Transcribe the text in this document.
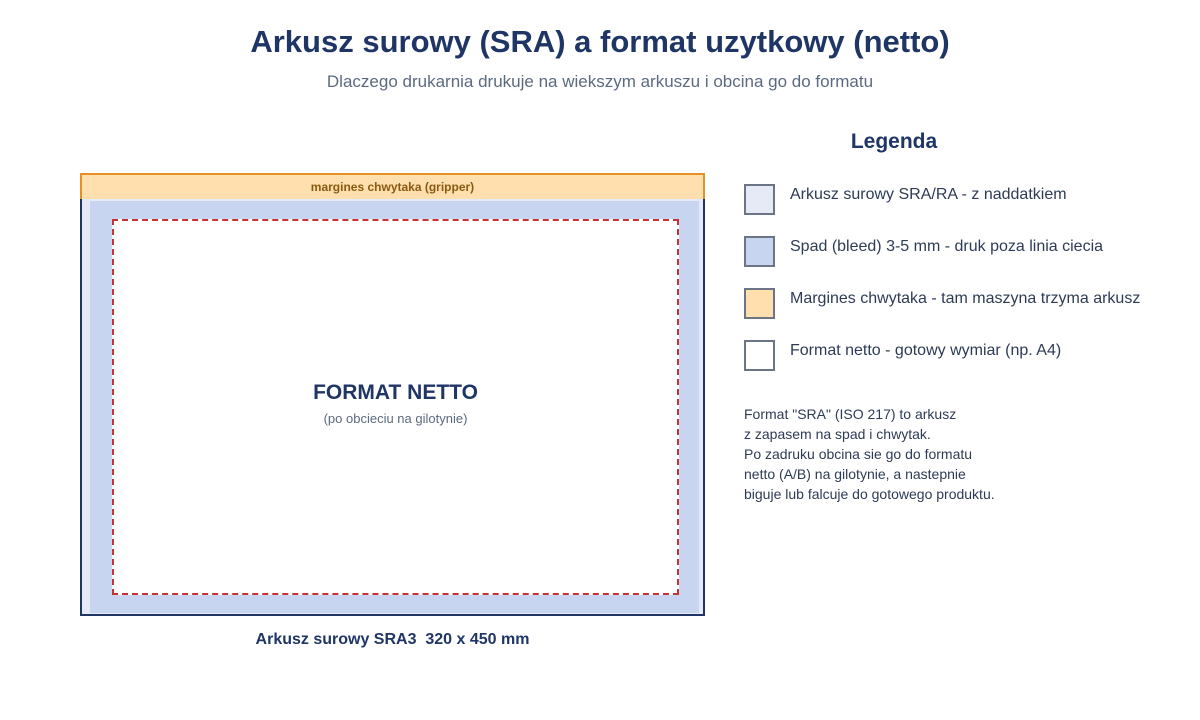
Arkusz surowy (SRA) a format uzytkowy (netto)
Dlaczego drukarnia drukuje na wiekszym arkuszu i obcina go do formatu
margines chwytaka (gripper)
FORMAT NETTO
(po obcieciu na gilotynie)
Arkusz surowy SRA3  320 x 450 mm
Legenda
Arkusz surowy SRA/RA - z naddatkiem
Spad (bleed) 3-5 mm - druk poza linia ciecia
Margines chwytaka - tam maszyna trzyma arkusz
Format netto - gotowy wymiar (np. A4)
Format "SRA" (ISO 217) to arkusz
z zapasem na spad i chwytak.
Po zadruku obcina sie go do formatu
netto (A/B) na gilotynie, a nastepnie
biguje lub falcuje do gotowego produktu.
